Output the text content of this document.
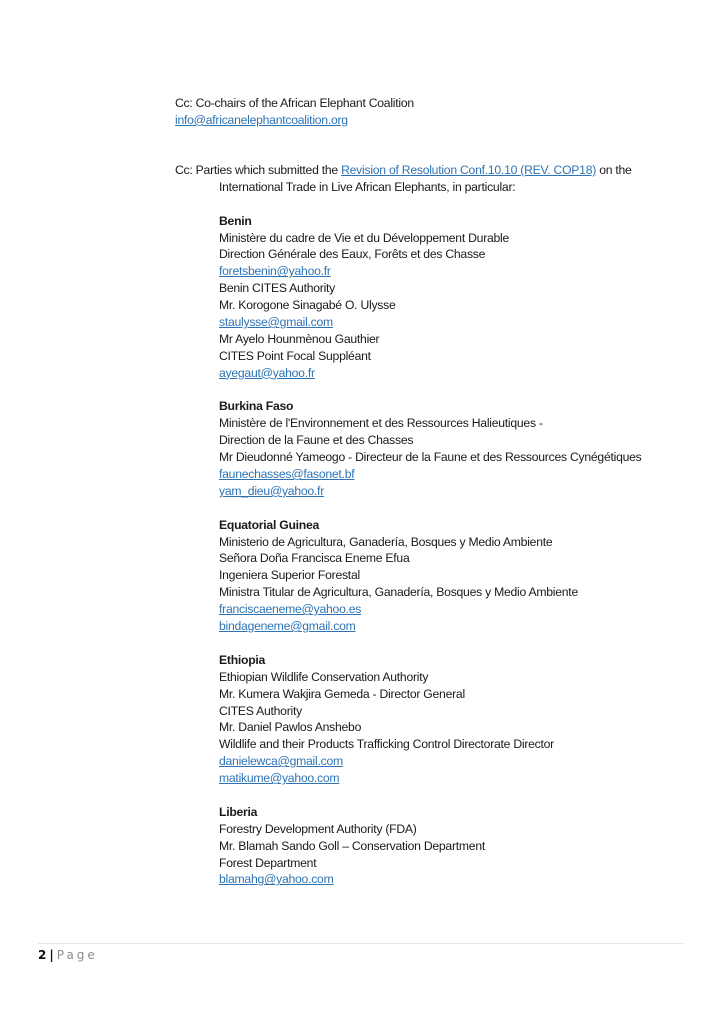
Cc: Co-chairs of the African Elephant Coalition
info@africanelephantcoalition.org
Cc: Parties which submitted the Revision of Resolution Conf.10.10 (REV. COP18) on the
International Trade in Live African Elephants, in particular:
Benin
Ministère du cadre de Vie et du Développement Durable
Direction Générale des Eaux, Forêts et des Chasse
foretsbenin@yahoo.fr
Benin CITES Authority
Mr. Korogone Sinagabé O. Ulysse
staulysse@gmail.com
Mr Ayelo Hounmènou Gauthier
CITES Point Focal Suppléant
ayegaut@yahoo.fr
Burkina Faso
Ministère de l'Environnement et des Ressources Halieutiques -
Direction de la Faune et des Chasses
Mr Dieudonné Yameogo - Directeur de la Faune et des Ressources Cynégétiques
faunechasses@fasonet.bf
yam_dieu@yahoo.fr
Equatorial Guinea
Ministerio de Agricultura, Ganadería, Bosques y Medio Ambiente
Señora Doña Francisca Eneme Efua
Ingeniera Superior Forestal
Ministra Titular de Agricultura, Ganadería, Bosques y Medio Ambiente
franciscaeneme@yahoo.es
bindageneme@gmail.com
Ethiopia
Ethiopian Wildlife Conservation Authority
Mr. Kumera Wakjira Gemeda - Director General
CITES Authority
Mr. Daniel Pawlos Anshebo
Wildlife and their Products Trafficking Control Directorate Director
danielewca@gmail.com
matikume@yahoo.com
Liberia
Forestry Development Authority (FDA)
Mr. Blamah Sando Goll – Conservation Department
Forest Department
blamahg@yahoo.com
2 | Page
